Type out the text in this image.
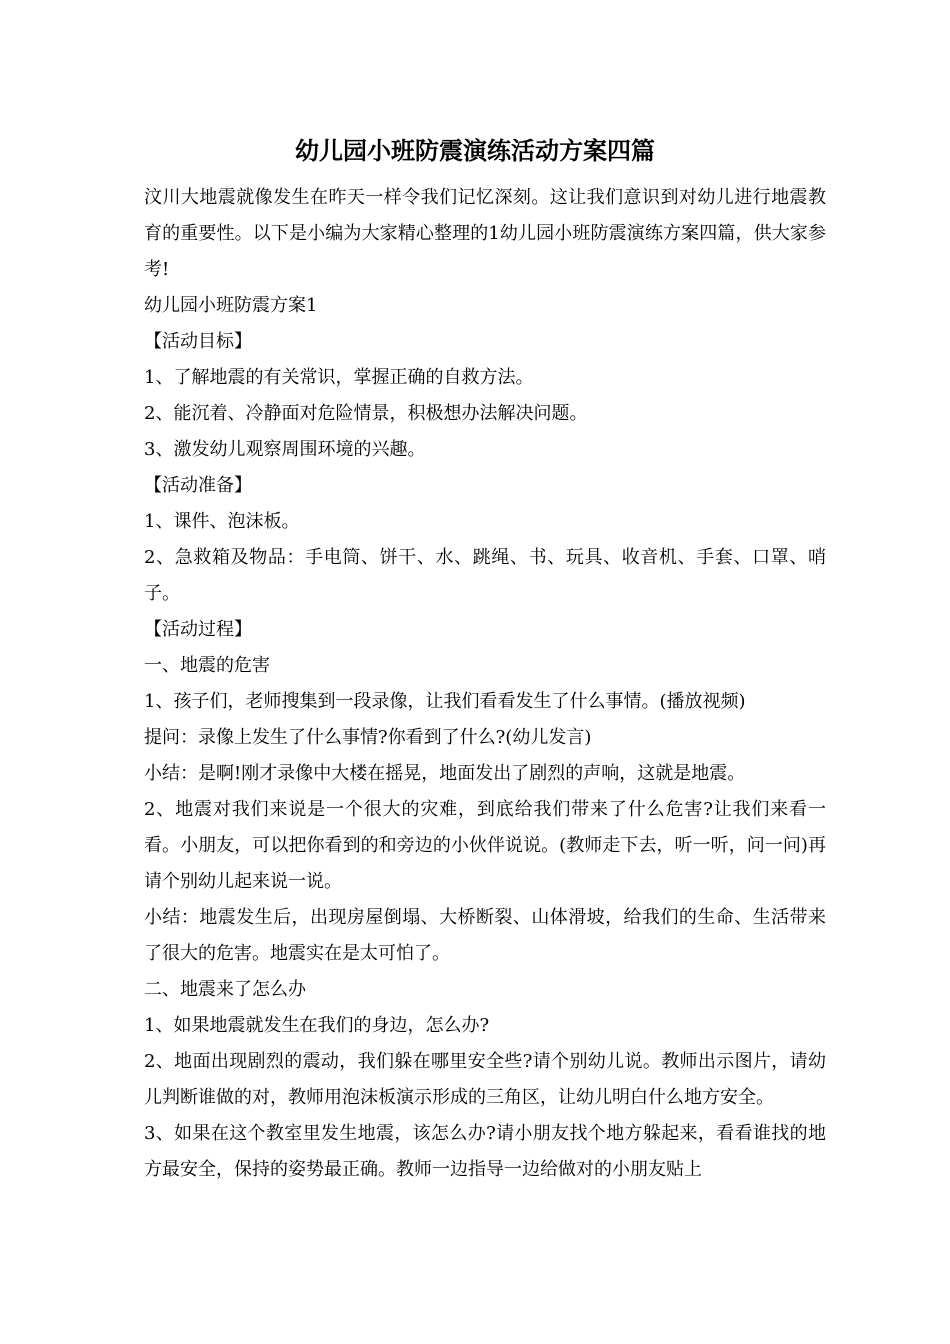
幼儿园小班防震演练活动方案四篇

汶川大地震就像发生在昨天一样令我们记忆深刻。这让我们意识到对幼儿进行地震教育的重要性。以下是小编为大家精心整理的1幼儿园小班防震演练方案四篇，供大家参考!

幼儿园小班防震方案1

【活动目标】

1、了解地震的有关常识，掌握正确的自救方法。

2、能沉着、冷静面对危险情景，积极想办法解决问题。

3、激发幼儿观察周围环境的兴趣。

【活动准备】

1、课件、泡沫板。

2、急救箱及物品：手电筒、饼干、水、跳绳、书、玩具、收音机、手套、口罩、哨子。

【活动过程】

一、地震的危害

1、孩子们，老师搜集到一段录像，让我们看看发生了什么事情。(播放视频)

提问：录像上发生了什么事情?你看到了什么?(幼儿发言)

小结：是啊!刚才录像中大楼在摇晃，地面发出了剧烈的声响，这就是地震。

2、地震对我们来说是一个很大的灾难，到底给我们带来了什么危害?让我们来看一看。小朋友，可以把你看到的和旁边的小伙伴说说。(教师走下去，听一听，问一问)再请个别幼儿起来说一说。

小结：地震发生后，出现房屋倒塌、大桥断裂、山体滑坡，给我们的生命、生活带来了很大的危害。地震实在是太可怕了。

二、地震来了怎么办

1、如果地震就发生在我们的身边，怎么办?

2、地面出现剧烈的震动，我们躲在哪里安全些?请个别幼儿说。教师出示图片，请幼儿判断谁做的对，教师用泡沫板演示形成的三角区，让幼儿明白什么地方安全。

3、如果在这个教室里发生地震，该怎么办?请小朋友找个地方躲起来，看看谁找的地方最安全，保持的姿势最正确。教师一边指导一边给做对的小朋友贴上
